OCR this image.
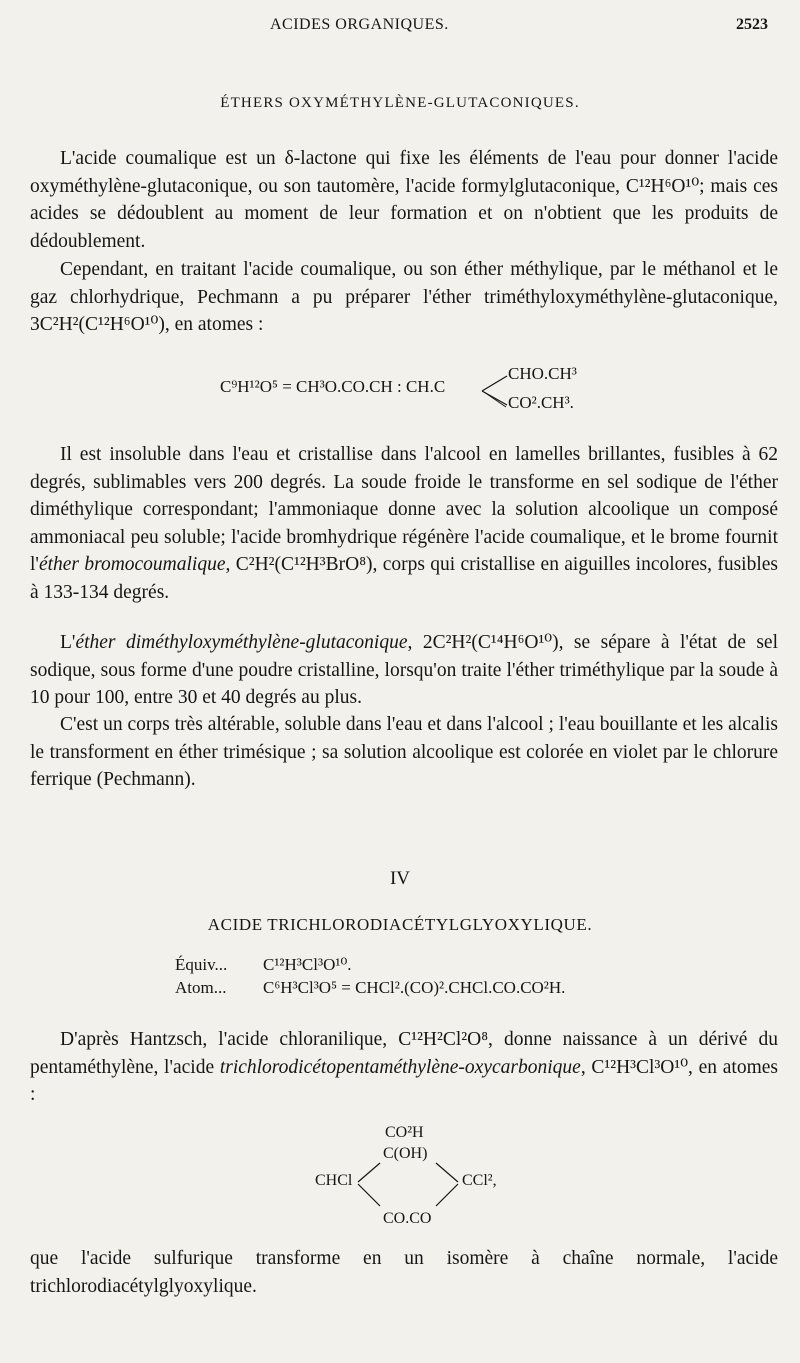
ACIDES ORGANIQUES.	2523
ÉTHERS OXYMÉTHYLÈNE-GLUTACONIQUES.

L'acide coumalique est un δ-lactone qui fixe les éléments de l'eau pour donner l'acide oxyméthylène-glutaconique, ou son tautomère, l'acide formylglutaconique, C¹²H⁶O¹⁰; mais ces acides se dédoublent au moment de leur formation et on n'obtient que les produits de dédoublement.

Cependant, en traitant l'acide coumalique, ou son éther méthylique, par le méthanol et le gaz chlorhydrique, Pechmann a pu préparer l'éther triméthyloxyméthylène-glutaconique, 3C²H²(C¹²H⁶O¹⁰), en atomes :

C⁹H¹²O⁵ = CH³O.CO.CH : CH.C
CHO.CH³
CO².CH³.

Il est insoluble dans l'eau et cristallise dans l'alcool en lamelles brillantes, fusibles à 62 degrés, sublimables vers 200 degrés. La soude froide le transforme en sel sodique de l'éther diméthylique correspondant; l'ammoniaque donne avec la solution alcoolique un composé ammoniacal peu soluble; l'acide bromhydrique régénère l'acide coumalique, et le brome fournit l'éther bromocoumalique, C²H²(C¹²H³BrO⁸), corps qui cristallise en aiguilles incolores, fusibles à 133-134 degrés.

L'éther diméthyloxyméthylène-glutaconique, 2C²H²(C¹⁴H⁶O¹⁰), se sépare à l'état de sel sodique, sous forme d'une poudre cristalline, lorsqu'on traite l'éther triméthylique par la soude à 10 pour 100, entre 30 et 40 degrés au plus.

C'est un corps très altérable, soluble dans l'eau et dans l'alcool ; l'eau bouillante et les alcalis le transforment en éther trimésique ; sa solution alcoolique est colorée en violet par le chlorure ferrique (Pechmann).

IV
ACIDE TRICHLORODIACÉTYLGLYOXYLIQUE.
Équiv... C¹²H³Cl³O¹⁰.
Atom... C⁶H³Cl³O⁵ = CHCl².(CO)².CHCl.CO.CO²H.

D'après Hantzsch, l'acide chloranilique, C¹²H²Cl²O⁸, donne naissance à un dérivé du pentaméthylène, l'acide trichlorodicétopentaméthylène-oxycarbonique, C¹²H³Cl³O¹⁰, en atomes :

CO²H
C(OH)
CHCl	CCl²,
CO.CO

que l'acide sulfurique transforme en un isomère à chaîne normale, l'acide trichlorodiacétylglyoxylique.
